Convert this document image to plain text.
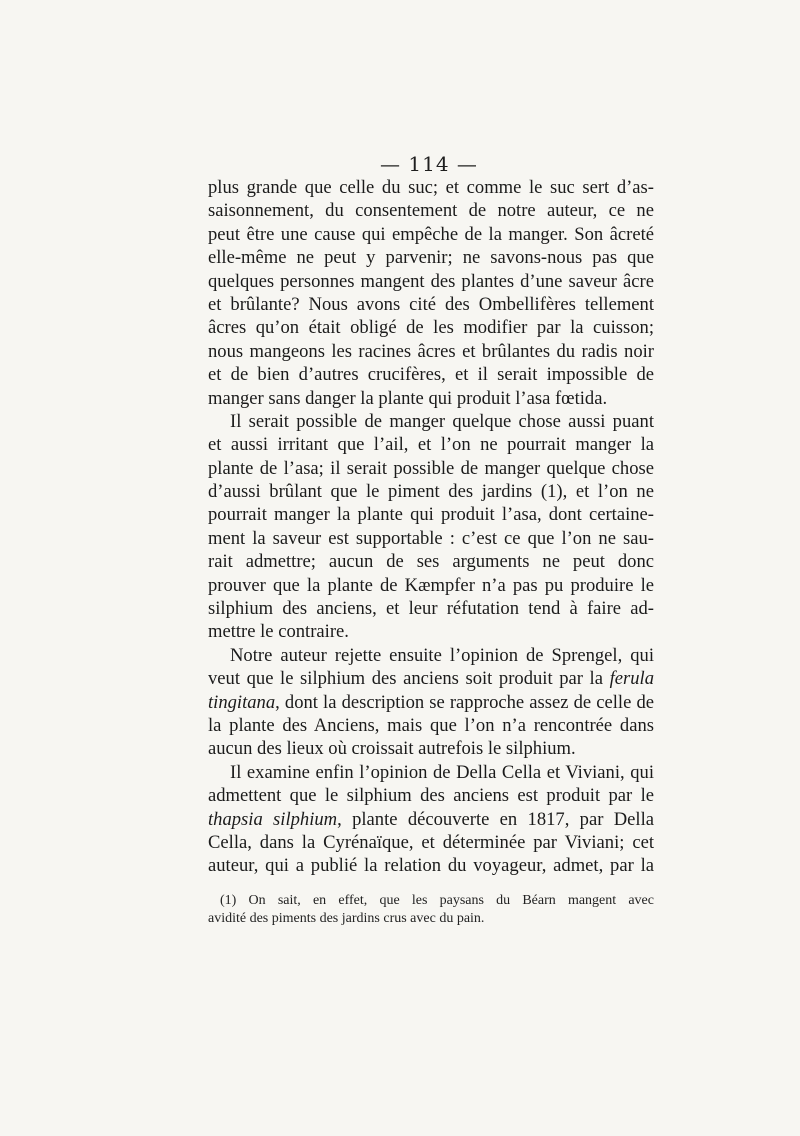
— 114 —
plus grande que celle du suc; et comme le suc sert d’as-
saisonnement, du consentement de notre auteur, ce ne
peut être une cause qui empêche de la manger. Son âcreté
elle-même ne peut y parvenir; ne savons-nous pas que
quelques personnes mangent des plantes d’une saveur âcre
et brûlante? Nous avons cité des Ombellifères tellement
âcres qu’on était obligé de les modifier par la cuisson;
nous mangeons les racines âcres et brûlantes du radis noir
et de bien d’autres crucifères, et il serait impossible de
manger sans danger la plante qui produit l’asa fœtida.
Il serait possible de manger quelque chose aussi puant
et aussi irritant que l’ail, et l’on ne pourrait manger la
plante de l’asa; il serait possible de manger quelque chose
d’aussi brûlant que le piment des jardins (1), et l’on ne
pourrait manger la plante qui produit l’asa, dont certaine-
ment la saveur est supportable : c’est ce que l’on ne sau-
rait admettre; aucun de ses arguments ne peut donc
prouver que la plante de Kæmpfer n’a pas pu produire le
silphium des anciens, et leur réfutation tend à faire ad-
mettre le contraire.
Notre auteur rejette ensuite l’opinion de Sprengel, qui
veut que le silphium des anciens soit produit par la ferula
tingitana, dont la description se rapproche assez de celle de
la plante des Anciens, mais que l’on n’a rencontrée dans
aucun des lieux où croissait autrefois le silphium.
Il examine enfin l’opinion de Della Cella et Viviani, qui
admettent que le silphium des anciens est produit par le
thapsia silphium, plante découverte en 1817, par Della
Cella, dans la Cyrénaïque, et déterminée par Viviani; cet
auteur, qui a publié la relation du voyageur, admet, par la
(1) On sait, en effet, que les paysans du Béarn mangent avec
avidité des piments des jardins crus avec du pain.
